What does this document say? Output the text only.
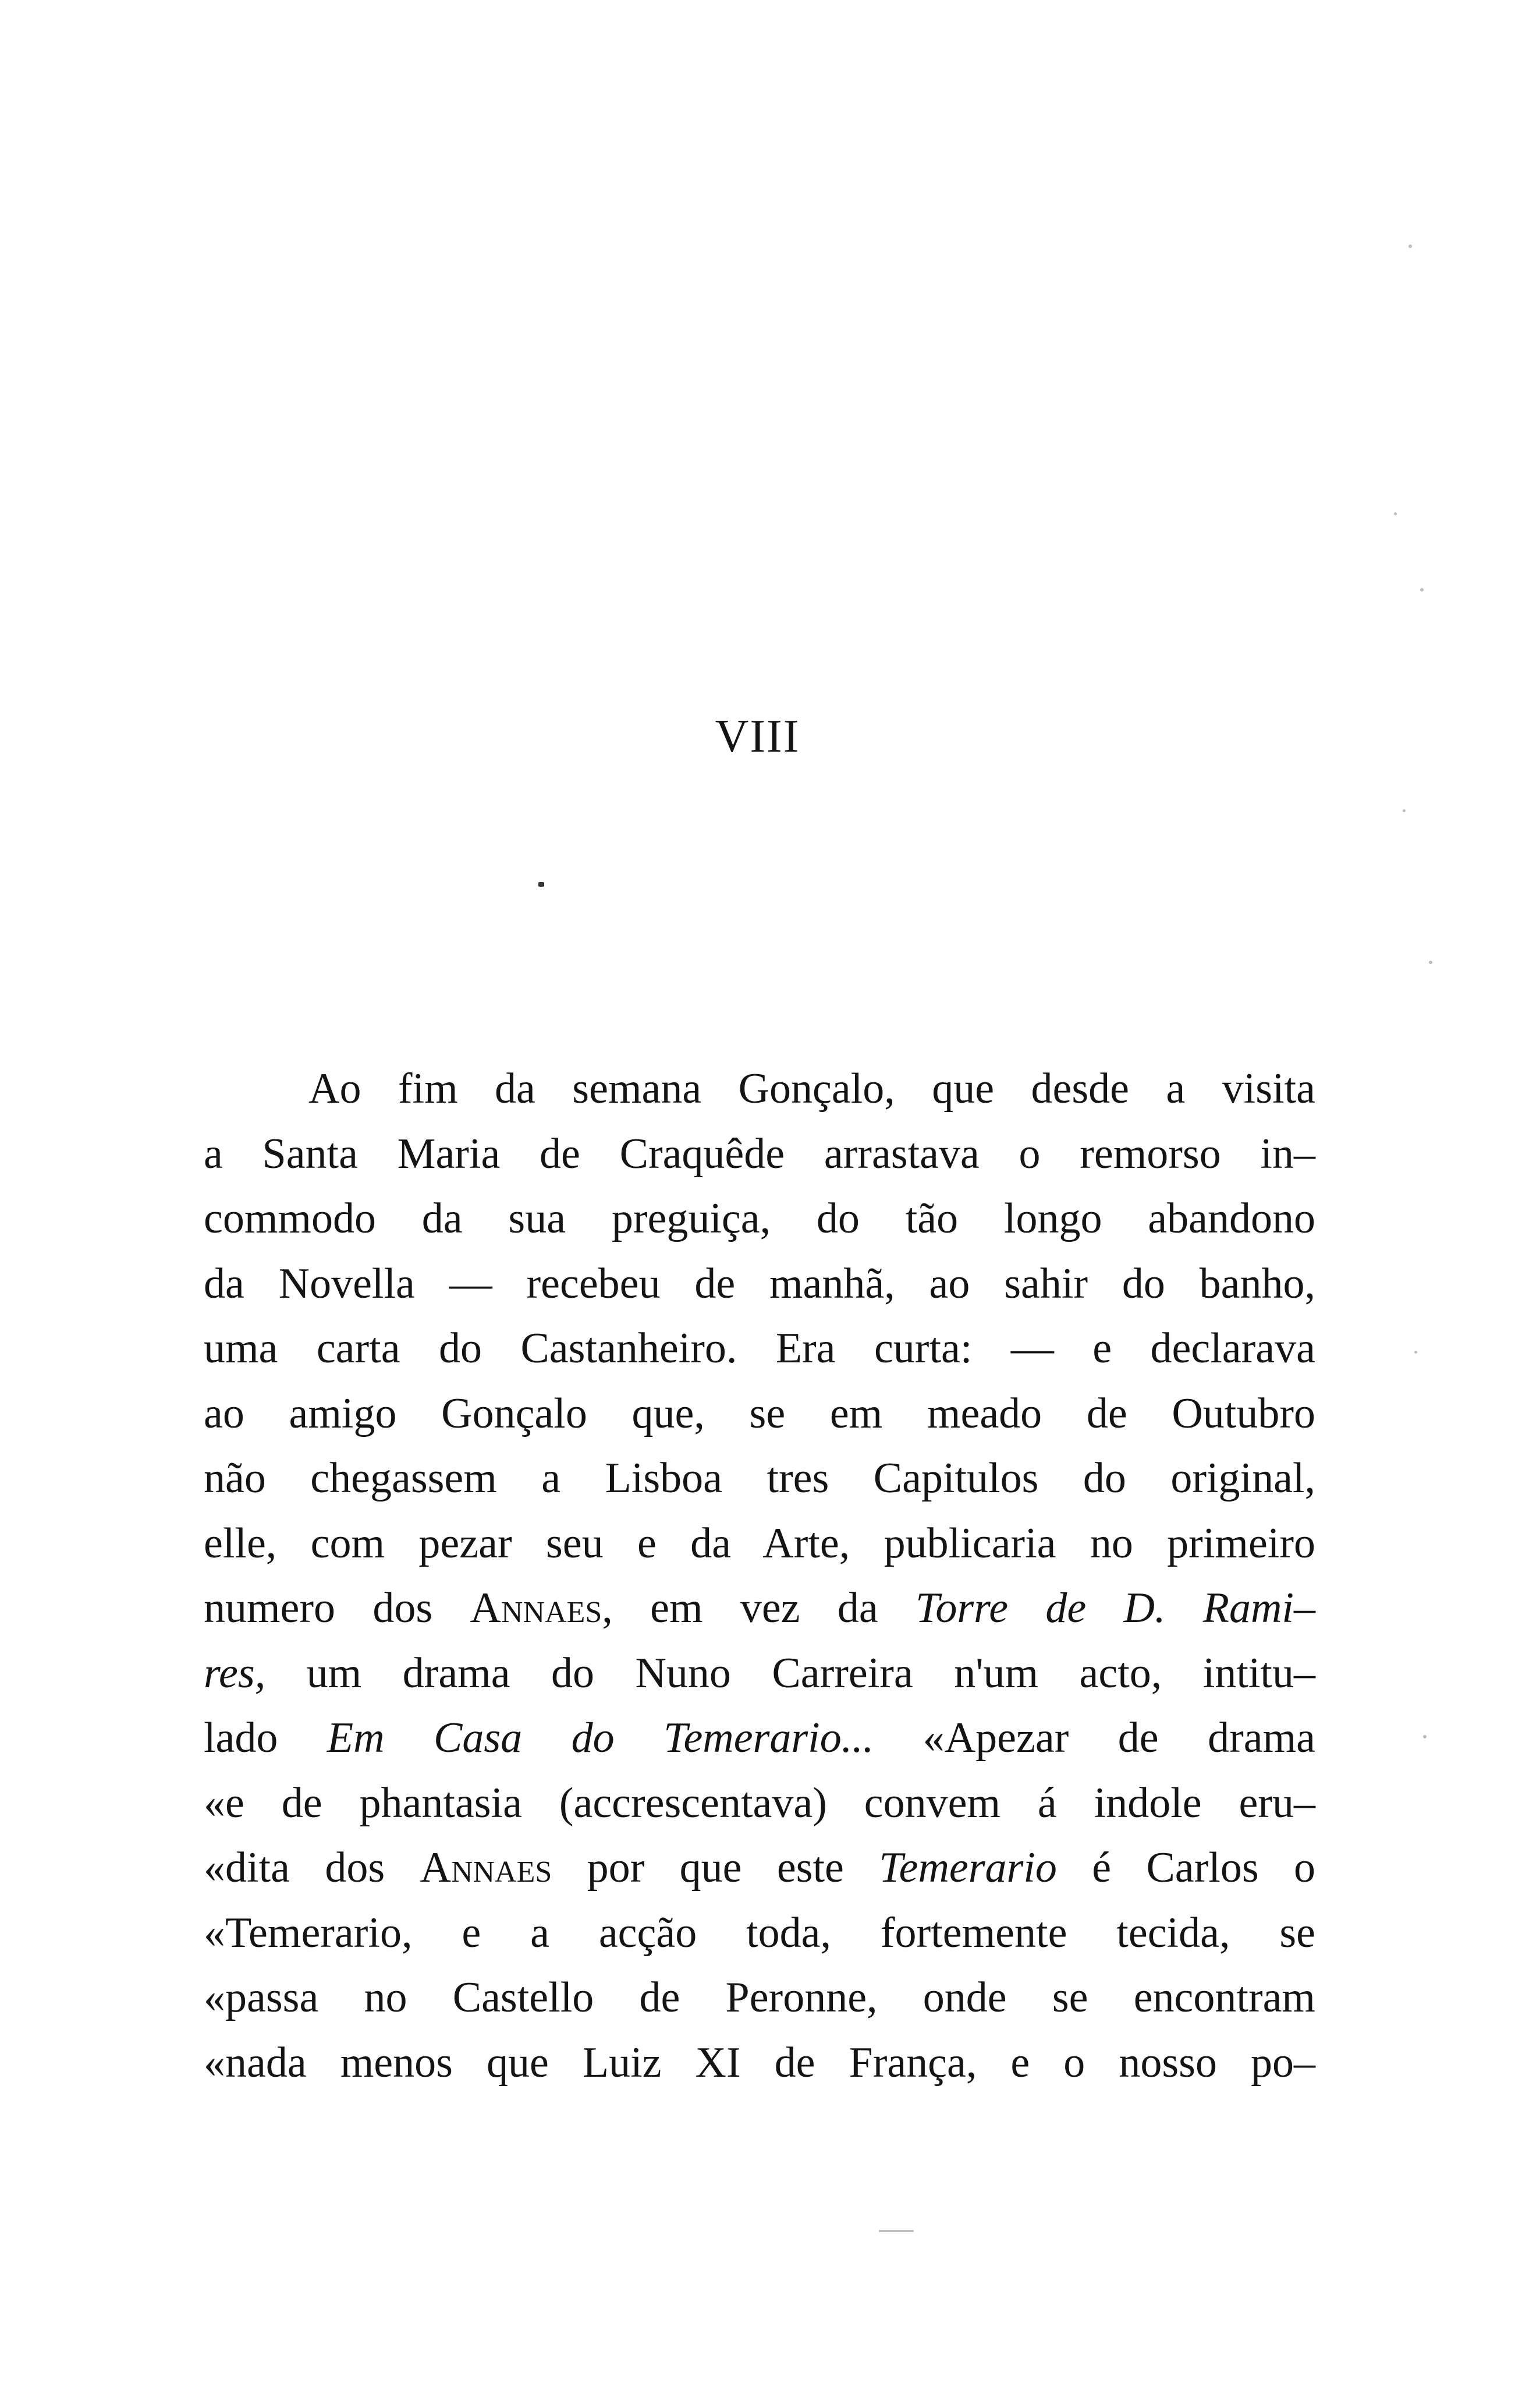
VIII
Ao fim da semana Gonçalo, que desde a visita
a Santa Maria de Craquêde arrastava o remorso in–
commodo da sua preguiça, do tão longo abandono
da Novella — recebeu de manhã, ao sahir do banho,
uma carta do Castanheiro. Era curta: — e declarava
ao amigo Gonçalo que, se em meado de Outubro
não chegassem a Lisboa tres Capitulos do original,
elle, com pezar seu e da Arte, publicaria no primeiro
numero dos Annaes, em vez da Torre de D. Rami–
res, um drama do Nuno Carreira n'um acto, intitu–
lado Em Casa do Temerario... «Apezar de drama
«e de phantasia (accrescentava) convem á indole eru–
«dita dos Annaes por que este Temerario é Carlos o
«Temerario, e a acção toda, fortemente tecida, se
«passa no Castello de Peronne, onde se encontram
«nada menos que Luiz XI de França, e o nosso po–
